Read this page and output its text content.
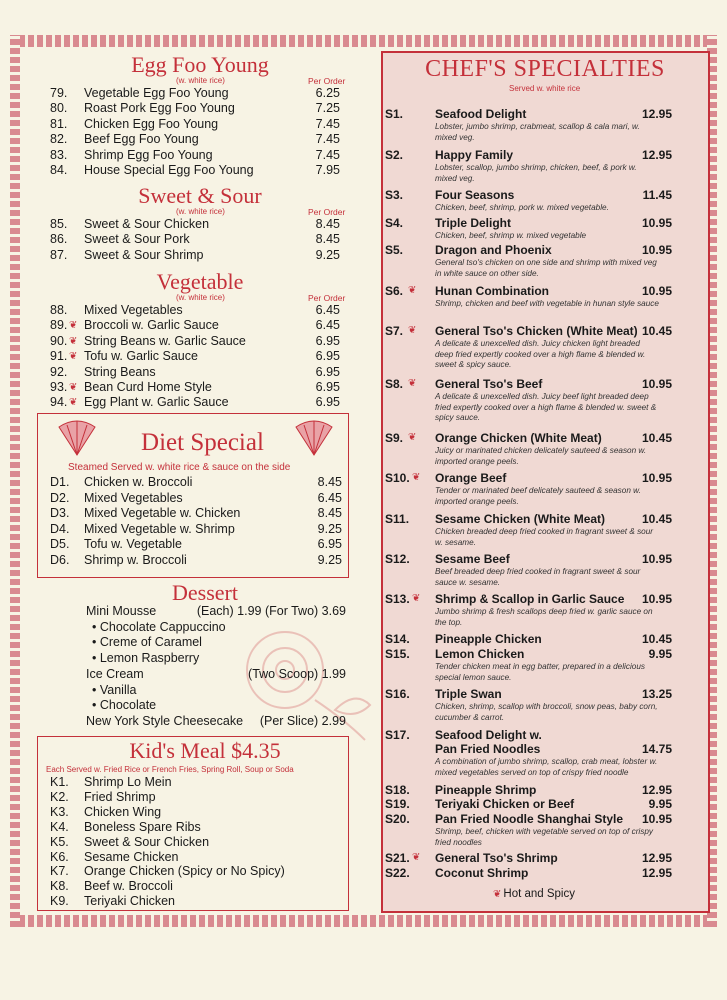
Egg Foo Young
(w. white rice)	Per Order
79. Vegetable Egg Foo Young	6.25
80. Roast Pork Egg Foo Young	7.25
81. Chicken Egg Foo Young	7.45
82. Beef Egg Foo Young	7.45
83. Shrimp Egg Foo Young	7.45
84. House Special Egg Foo Young	7.95
Sweet & Sour
(w. white rice)	Per Order
85. Sweet & Sour Chicken	8.45
86. Sweet & Sour Pork	8.45
87. Sweet & Sour Shrimp	9.25
Vegetable
(w. white rice)	Per Order
88. Mixed Vegetables	6.45
89. ❦ Broccoli w. Garlic Sauce	6.45
90. ❦ String Beans w. Garlic Sauce	6.95
91. ❦ Tofu w. Garlic Sauce	6.95
92. String Beans	6.95
93. ❦ Bean Curd Home Style	6.95
94. ❦ Egg Plant w. Garlic Sauce	6.95
Diet Special
Steamed Served w. white rice & sauce on the side
D1. Chicken w. Broccoli	8.45
D2. Mixed Vegetables	6.45
D3. Mixed Vegetable w. Chicken	8.45
D4. Mixed Vegetable w. Shrimp	9.25
D5. Tofu w. Vegetable	6.95
D6. Shrimp w. Broccoli	9.25
Dessert
Mini Mousse	(Each) 1.99 (For Two) 3.69
• Chocolate Cappuccino
• Creme of Caramel
• Lemon Raspberry
Ice Cream	(Two Scoop) 1.99
• Vanilla
• Chocolate
New York Style Cheesecake (Per Slice) 2.99
Kid's Meal $4.35
Each Served w. Fried Rice or French Fries, Spring Roll, Soup or Soda
K1. Shrimp Lo Mein
K2. Fried Shrimp
K3. Chicken Wing
K4. Boneless Spare Ribs
K5. Sweet & Sour Chicken
K6. Sesame Chicken
K7. Orange Chicken (Spicy or No Spicy)
K8. Beef w. Broccoli
K9. Teriyaki Chicken
CHEF'S SPECIALTIES
Served w. white rice
S1.	Seafood Delight	12.95
Lobster, jumbo shrimp, crabmeat, scallop & cala mari, w. mixed veg.
S2.	Happy Family	12.95
Lobster, scallop, jumbo shrimp, chicken, beef, & pork w. mixed veg.
S3.	Four Seasons	11.45
Chicken, beef, shrimp, pork w. mixed vegetable.
S4.	Triple Delight	10.95
Chicken, beef, shrimp w. mixed vegetable
S5.	Dragon and Phoenix	10.95
General tso's chicken on one side and shrimp with mixed veg in white sauce on other side.
S6. ❦ Hunan Combination	10.95
Shrimp, chicken and beef with vegetable in hunan style sauce
S7. ❦ General Tso's Chicken (White Meat) 10.45
A delicate & unexcelled dish. Juicy chicken light breaded deep fried expertly cooked over a high flame & blended w. sweet & spicy sauce.
S8. ❦ General Tso's Beef	10.95
A delicate & unexcelled dish. Juicy beef light breaded deep fried expertly cooked over a high flame & blended w. sweet & spicy sauce.
S9. ❦ Orange Chicken (White Meat)	10.45
Juicy or marinated chicken delicately sauteed & season w. imported orange peels.
S10. ❦ Orange Beef	10.95
Tender or marinated beef delicately sauteed & season w. imported orange peels.
S11. Sesame Chicken (White Meat)	10.45
Chicken breaded deep fried cooked in fragrant sweet & sour w. sesame.
S12. Sesame Beef	10.95
Beef breaded deep fried cooked in fragrant sweet & sour sauce w. sesame.
S13. ❦ Shrimp & Scallop in Garlic Sauce 10.95
Jumbo shrimp & fresh scallops deep fried w. garlic sauce on the top.
S14. Pineapple Chicken	10.45
S15. Lemon Chicken	9.95
Tender chicken meat in egg batter, prepared in a delicious special lemon sauce.
S16. Triple Swan	13.25
Chicken, shrimp, scallop with broccoli, snow peas, baby corn, cucumber & carrot.
S17. Seafood Delight w. Pan Fried Noodles	14.75
A combination of jumbo shrimp, scallop, crab meat, lobster w. mixed vegetables served on top of crispy fried noodle
S18. Pineapple Shrimp	12.95
S19. Teriyaki Chicken or Beef	9.95
S20. Pan Fried Noodle Shanghai Style 10.95
Shrimp, beef, chicken with vegetable served on top of crispy fried noodles
S21. ❦ General Tso's Shrimp	12.95
S22. Coconut Shrimp	12.95
❦ Hot and Spicy
